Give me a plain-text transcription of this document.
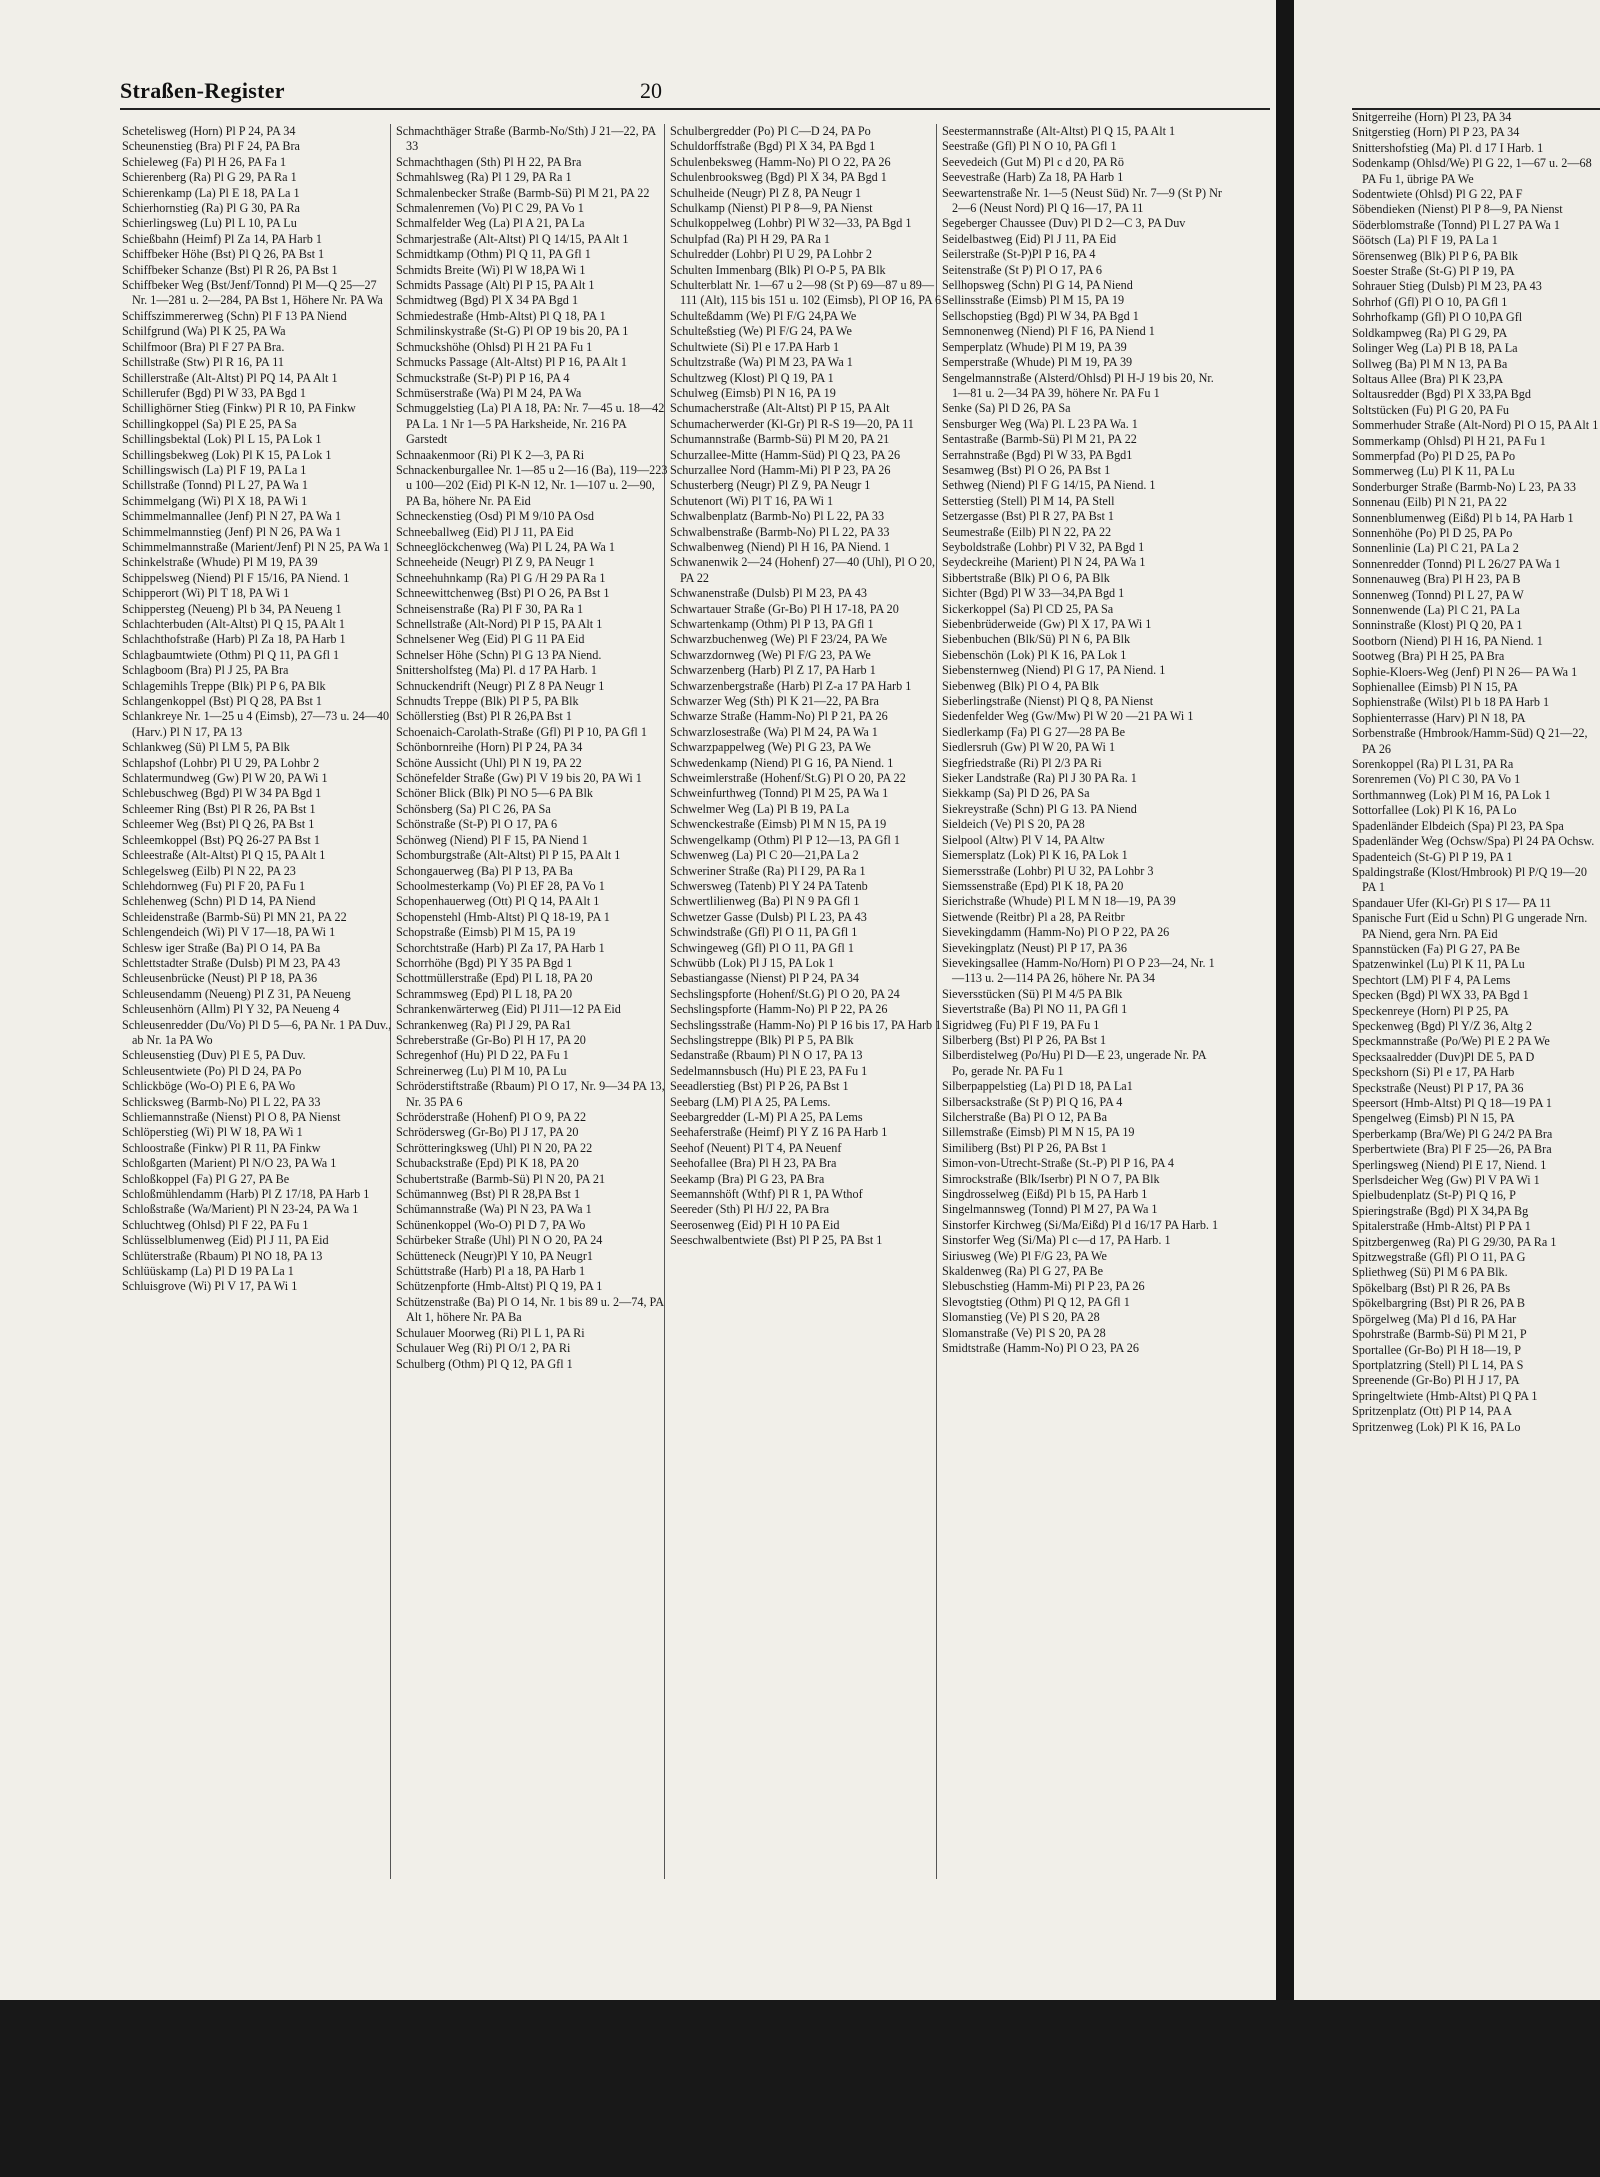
Straßen-Register	20
Schetelisweg (Horn) Pl P 24, PA 34
Scheunenstieg (Bra) Pl F 24, PA Bra
Schieleweg (Fa) Pl H 26, PA Fa 1
Schierenberg (Ra) Pl G 29, PA Ra 1
Schierenkamp (La) Pl E 18, PA La 1
Schierhornstieg (Ra) Pl G 30, PA Ra
Schierlingsweg (Lu) Pl L 10, PA Lu
Schießbahn (Heimf) Pl Za 14, PA Harb 1
Schiffbeker Höhe (Bst) Pl Q 26, PA Bst 1
Schiffbeker Schanze (Bst) Pl R 26, PA Bst 1
Schiffbeker Weg (Bst/Jenf/Tonnd) Pl M—Q 25—27 Nr. 1—281 u. 2—284, PA Bst 1, Höhere Nr. PA Wa
Schiffszimmererweg (Schn) Pl F 13 PA Niend
Schilfgrund (Wa) Pl K 25, PA Wa
Schilfmoor (Bra) Pl F 27 PA Bra.
Schillstraße (Stw) Pl R 16, PA 11
Schillerstraße (Alt-Altst) Pl PQ 14, PA Alt 1
Schillerufer (Bgd) Pl W 33, PA Bgd 1
Schillighörner Stieg (Finkw) Pl R 10, PA Finkw
Schillingkoppel (Sa) Pl E 25, PA Sa
Schillingsbektal (Lok) Pl L 15, PA Lok 1
Schillingsbekweg (Lok) Pl K 15, PA Lok 1
Schillingswisch (La) Pl F 19, PA La 1
Schillstraße (Tonnd) Pl L 27, PA Wa 1
Schimmelgang (Wi) Pl X 18, PA Wi 1
Schimmelmannallee (Jenf) Pl N 27, PA Wa 1
Schimmelmannstieg (Jenf) Pl N 26, PA Wa 1
Schimmelmannstraße (Marient/Jenf) Pl N 25, PA Wa 1
Schinkelstraße (Whude) Pl M 19, PA 39
Schippelsweg (Niend) Pl F 15/16, PA Niend. 1
Schipperort (Wi) Pl T 18, PA Wi 1
Schippersteg (Neueng) Pl b 34, PA Neueng 1
Schlachterbuden (Alt-Altst) Pl Q 15, PA Alt 1
Schlachthofstraße (Harb) Pl Za 18, PA Harb 1
Schlagbaumtwiete (Othm) Pl Q 11, PA Gfl 1
Schlagboom (Bra) Pl J 25, PA Bra
Schlagemihls Treppe (Blk) Pl P 6, PA Blk
Schlangenkoppel (Bst) Pl Q 28, PA Bst 1
Schlankreye Nr. 1—25 u 4 (Eimsb), 27—73 u. 24—40 (Harv.) Pl N 17, PA 13
Schlankweg (Sü) Pl LM 5, PA Blk
Schlapshof (Lohbr) Pl U 29, PA Lohbr 2
Schlatermundweg (Gw) Pl W 20, PA Wi 1
Schlebuschweg (Bgd) Pl W 34 PA Bgd 1
Schleemer Ring (Bst) Pl R 26, PA Bst 1
Schleemer Weg (Bst) Pl Q 26, PA Bst 1
Schleemkoppel (Bst) PQ 26-27 PA Bst 1
Schleestraße (Alt-Altst) Pl Q 15, PA Alt 1
Schlegelsweg (Eilb) Pl N 22, PA 23
Schlehdornweg (Fu) Pl F 20, PA Fu 1
Schlehenweg (Schn) Pl D 14, PA Niend
Schleidenstraße (Barmb-Sü) Pl MN 21, PA 22
Schlengendeich (Wi) Pl V 17—18, PA Wi 1
Schlesw iger Straße (Ba) Pl O 14, PA Ba
Schlettstadter Straße (Dulsb) Pl M 23, PA 43
Schleusenbrücke (Neust) Pl P 18, PA 36
Schleusendamm (Neueng) Pl Z 31, PA Neueng
Schleusenhörn (Allm) Pl Y 32, PA Neueng 4
Schleusenredder (Du/Vo) Pl D 5—6, PA Nr. 1 PA Duv., ab Nr. 1a PA Wo
Schleusenstieg (Duv) Pl E 5, PA Duv.
Schleusentwiete (Po) Pl D 24, PA Po
Schlickböge (Wo-O) Pl E 6, PA Wo
Schlicksweg (Barmb-No) Pl L 22, PA 33
Schliemannstraße (Nienst) Pl O 8, PA Nienst
Schlöperstieg (Wi) Pl W 18, PA Wi 1
Schloostraße (Finkw) Pl R 11, PA Finkw
Schloßgarten (Marient) Pl N/O 23, PA Wa 1
Schloßkoppel (Fa) Pl G 27, PA Be
Schloßmühlendamm (Harb) Pl Z 17/18, PA Harb 1
Schloßstraße (Wa/Marient) Pl N 23-24, PA Wa 1
Schluchtweg (Ohlsd) Pl F 22, PA Fu 1
Schlüsselblumenweg (Eid) Pl J 11, PA Eid
Schlüterstraße (Rbaum) Pl NO 18, PA 13
Schlüüskamp (La) Pl D 19 PA La 1
Schluisgrove (Wi) Pl V 17, PA Wi 1
Schmachthäger Straße (Barmb-No/Sth) J 21—22, PA 33
Schmachthagen (Sth) Pl H 22, PA Bra
Schmahlsweg (Ra) Pl 1 29, PA Ra 1
Schmalenbecker Straße (Barmb-Sü) Pl M 21, PA 22
Schmalenremen (Vo) Pl C 29, PA Vo 1
Schmalfelder Weg (La) Pl A 21, PA La
Schmarjestraße (Alt-Altst) Pl Q 14/15, PA Alt 1
Schmidtkamp (Othm) Pl Q 11, PA Gfl 1
Schmidts Breite (Wi) Pl W 18,PA Wi 1
Schmidts Passage (Alt) Pl P 15, PA Alt 1
Schmidtweg (Bgd) Pl X 34 PA Bgd 1
Schmiedestraße (Hmb-Altst) Pl Q 18, PA 1
Schmilinskystraße (St-G) Pl OP 19 bis 20, PA 1
Schmuckshöhe (Ohlsd) Pl H 21 PA Fu 1
Schmucks Passage (Alt-Altst) Pl P 16, PA Alt 1
Schmuckstraße (St-P) Pl P 16, PA 4
Schmüserstraße (Wa) Pl M 24, PA Wa
Schmuggelstieg (La) Pl A 18, PA: Nr. 7—45 u. 18—42 PA La. 1 Nr 1—5 PA Harksheide, Nr. 216 PA Garstedt
Schnaakenmoor (Ri) Pl K 2—3, PA Ri
Schnackenburgallee Nr. 1—85 u 2—16 (Ba), 119—223 u 100—202 (Eid) Pl K-N 12, Nr. 1—107 u. 2—90, PA Ba, höhere Nr. PA Eid
Schneckenstieg (Osd) Pl M 9/10 PA Osd
Schneeballweg (Eid) Pl J 11, PA Eid
Schneeglöckchenweg (Wa) Pl L 24, PA Wa 1
Schneeheide (Neugr) Pl Z 9, PA Neugr 1
Schneehuhnkamp (Ra) Pl G /H 29 PA Ra 1
Schneewittchenweg (Bst) Pl O 26, PA Bst 1
Schneisenstraße (Ra) Pl F 30, PA Ra 1
Schnellstraße (Alt-Nord) Pl P 15, PA Alt 1
Schnelsener Weg (Eid) Pl G 11 PA Eid
Schnelser Höhe (Schn) Pl G 13 PA Niend.
Snittersholfsteg (Ma) Pl. d 17 PA Harb. 1
Schnuckendrift (Neugr) Pl Z 8 PA Neugr 1
Schnudts Treppe (Blk) Pl P 5, PA Blk
Schöllerstieg (Bst) Pl R 26,PA Bst 1
Schoenaich-Carolath-Straße (Gfl) Pl P 10, PA Gfl 1
Schönbornreihe (Horn) Pl P 24, PA 34
Schöne Aussicht (Uhl) Pl N 19, PA 22
Schönefelder Straße (Gw) Pl V 19 bis 20, PA Wi 1
Schöner Blick (Blk) Pl NO 5—6 PA Blk
Schönsberg (Sa) Pl C 26, PA Sa
Schönstraße (St-P) Pl O 17, PA 6
Schönweg (Niend) Pl F 15, PA Niend 1
Schomburgstraße (Alt-Altst) Pl P 15, PA Alt 1
Schongauerweg (Ba) Pl P 13, PA Ba
Schoolmesterkamp (Vo) Pl EF 28, PA Vo 1
Schopenhauerweg (Ott) Pl Q 14, PA Alt 1
Schopenstehl (Hmb-Altst) Pl Q 18-19, PA 1
Schopstraße (Eimsb) Pl M 15, PA 19
Schorchtstraße (Harb) Pl Za 17, PA Harb 1
Schorrhöhe (Bgd) Pl Y 35 PA Bgd 1
Schottmüllerstraße (Epd) Pl L 18, PA 20
Schrammsweg (Epd) Pl L 18, PA 20
Schrankenwärterweg (Eid) Pl J11—12 PA Eid
Schrankenweg (Ra) Pl J 29, PA Ra1
Schreberstraße (Gr-Bo) Pl H 17, PA 20
Schregenhof (Hu) Pl D 22, PA Fu 1
Schreinerweg (Lu) Pl M 10, PA Lu
Schröderstiftstraße (Rbaum) Pl O 17, Nr. 9—34 PA 13, Nr. 35 PA 6
Schröderstraße (Hohenf) Pl O 9, PA 22
Schrödersweg (Gr-Bo) Pl J 17, PA 20
Schrötteringksweg (Uhl) Pl N 20, PA 22
Schubackstraße (Epd) Pl K 18, PA 20
Schubertstraße (Barmb-Sü) Pl N 20, PA 21
Schümannweg (Bst) Pl R 28,PA Bst 1
Schümannstraße (Wa) Pl N 23, PA Wa 1
Schünenkoppel (Wo-O) Pl D 7, PA Wo
Schürbeker Straße (Uhl) Pl N O 20, PA 24
Schütteneck (Neugr)Pl Y 10, PA Neugr1
Schüttstraße (Harb) Pl a 18, PA Harb 1
Schützenpforte (Hmb-Altst) Pl Q 19, PA 1
Schützenstraße (Ba) Pl O 14, Nr. 1 bis 89 u. 2—74, PA Alt 1, höhere Nr. PA Ba
Schulauer Moorweg (Ri) Pl L 1, PA Ri
Schulauer Weg (Ri) Pl O/1 2, PA Ri
Schulberg (Othm) Pl Q 12, PA Gfl 1
Schulbergredder (Po) Pl C—D 24, PA Po
Schuldorffstraße (Bgd) Pl X 34, PA Bgd 1
Schulenbeksweg (Hamm-No) Pl O 22, PA 26
Schulenbrooksweg (Bgd) Pl X 34, PA Bgd 1
Schulheide (Neugr) Pl Z 8, PA Neugr 1
Schulkamp (Nienst) Pl P 8—9, PA Nienst
Schulkoppelweg (Lohbr) Pl W 32—33, PA Bgd 1
Schulpfad (Ra) Pl H 29, PA Ra 1
Schulredder (Lohbr) Pl U 29, PA Lohbr 2
Schulten Immenbarg (Blk) Pl O-P 5, PA Blk
Schulterblatt Nr. 1—67 u 2—98 (St P) 69—87 u 89—111 (Alt), 115 bis 151 u. 102 (Eimsb), Pl OP 16, PA 6
Schulteßdamm (We) Pl F/G 24,PA We
Schulteßstieg (We) Pl F/G 24, PA We
Schultwiete (Si) Pl e 17.PA Harb 1
Schultzstraße (Wa) Pl M 23, PA Wa 1
Schultzweg (Klost) Pl Q 19, PA 1
Schulweg (Eimsb) Pl N 16, PA 19
Schumacherstraße (Alt-Altst) Pl P 15, PA Alt
Schumacherwerder (Kl-Gr) Pl R-S 19—20, PA 11
Schumannstraße (Barmb-Sü) Pl M 20, PA 21
Schurzallee-Mitte (Hamm-Süd) Pl Q 23, PA 26
Schurzallee Nord (Hamm-Mi) Pl P 23, PA 26
Schusterberg (Neugr) Pl Z 9, PA Neugr 1
Schutenort (Wi) Pl T 16, PA Wi 1
Schwalbenplatz (Barmb-No) Pl L 22, PA 33
Schwalbenstraße (Barmb-No) Pl L 22, PA 33
Schwalbenweg (Niend) Pl H 16, PA Niend. 1
Schwanenwik 2—24 (Hohenf) 27—40 (Uhl), Pl O 20, PA 22
Schwanenstraße (Dulsb) Pl M 23, PA 43
Schwartauer Straße (Gr-Bo) Pl H 17-18, PA 20
Schwartenkamp (Othm) Pl P 13, PA Gfl 1
Schwarzbuchenweg (We) Pl F 23/24, PA We
Schwarzdornweg (We) Pl F/G 23, PA We
Schwarzenberg (Harb) Pl Z 17, PA Harb 1
Schwarzenbergstraße (Harb) Pl Z-a 17 PA Harb 1
Schwarzer Weg (Sth) Pl K 21—22, PA Bra
Schwarze Straße (Hamm-No) Pl P 21, PA 26
Schwarzlosestraße (Wa) Pl M 24, PA Wa 1
Schwarzpappelweg (We) Pl G 23, PA We
Schwedenkamp (Niend) Pl G 16, PA Niend. 1
Schweimlerstraße (Hohenf/St.G) Pl O 20, PA 22
Schweinfurthweg (Tonnd) Pl M 25, PA Wa 1
Schwelmer Weg (La) Pl B 19, PA La
Schwenckestraße (Eimsb) Pl M N 15, PA 19
Schwengelkamp (Othm) Pl P 12—13, PA Gfl 1
Schwenweg (La) Pl C 20—21,PA La 2
Schweriner Straße (Ra) Pl I 29, PA Ra 1
Schwersweg (Tatenb) Pl Y 24 PA Tatenb
Schwertlilienweg (Ba) Pl N 9 PA Gfl 1
Schwetzer Gasse (Dulsb) Pl L 23, PA 43
Schwindstraße (Gfl) Pl O 11, PA Gfl 1
Schwingeweg (Gfl) Pl O 11, PA Gfl 1
Schwübb (Lok) Pl J 15, PA Lok 1
Sebastiangasse (Nienst) Pl P 24, PA 34
Sechslingspforte (Hohenf/St.G) Pl O 20, PA 24
Sechslingspforte (Hamm-No) Pl P 22, PA 26
Sechslingsstraße (Hamm-No) Pl P 16 bis 17, PA Harb 1
Sechslingstreppe (Blk) Pl P 5, PA Blk
Sedanstraße (Rbaum) Pl N O 17, PA 13
Sedelmannsbusch (Hu) Pl E 23, PA Fu 1
Seeadlerstieg (Bst) Pl P 26, PA Bst 1
Seebarg (LM) Pl A 25, PA Lems.
Seebargredder (L-M) Pl A 25, PA Lems
Seehaferstraße (Heimf) Pl Y Z 16 PA Harb 1
Seehof (Neuent) Pl T 4, PA Neuenf
Seehofallee (Bra) Pl H 23, PA Bra
Seekamp (Bra) Pl G 23, PA Bra
Seemannshöft (Wthf) Pl R 1, PA Wthof
Seereder (Sth) Pl H/J 22, PA Bra
Seerosenweg (Eid) Pl H 10 PA Eid
Seeschwalbentwiete (Bst) Pl P 25, PA Bst 1
Seestermannstraße (Alt-Altst) Pl Q 15, PA Alt 1
Seestraße (Gfl) Pl N O 10, PA Gfl 1
Seevedeich (Gut M) Pl c d 20, PA Rö
Seevestraße (Harb) Za 18, PA Harb 1
Seewartenstraße Nr. 1—5 (Neust Süd) Nr. 7—9 (St P) Nr 2—6 (Neust Nord) Pl Q 16—17, PA 11
Segeberger Chaussee (Duv) Pl D 2—C 3, PA Duv
Seidelbastweg (Eid) Pl J 11, PA Eid
Seilerstraße (St-P)Pl P 16, PA 4
Seitenstraße (St P) Pl O 17, PA 6
Sellhopsweg (Schn) Pl G 14, PA Niend
Sellinsstraße (Eimsb) Pl M 15, PA 19
Sellschopstieg (Bgd) Pl W 34, PA Bgd 1
Semnonenweg (Niend) Pl F 16, PA Niend 1
Semperplatz (Whude) Pl M 19, PA 39
Semperstraße (Whude) Pl M 19, PA 39
Sengelmannstraße (Alsterd/Ohlsd) Pl H-J 19 bis 20, Nr. 1—81 u. 2—34 PA 39, höhere Nr. PA Fu 1
Senke (Sa) Pl D 26, PA Sa
Sensburger Weg (Wa) Pl. L 23 PA Wa. 1
Sentastraße (Barmb-Sü) Pl M 21, PA 22
Serrahnstraße (Bgd) Pl W 33, PA Bgd1
Sesamweg (Bst) Pl O 26, PA Bst 1
Sethweg (Niend) Pl F G 14/15, PA Niend. 1
Setterstieg (Stell) Pl M 14, PA Stell
Setzergasse (Bst) Pl R 27, PA Bst 1
Seumestraße (Eilb) Pl N 22, PA 22
Seyboldstraße (Lohbr) Pl V 32, PA Bgd 1
Seydeckreihe (Marient) Pl N 24, PA Wa 1
Sibbertstraße (Blk) Pl O 6, PA Blk
Sichter (Bgd) Pl W 33—34,PA Bgd 1
Sickerkoppel (Sa) Pl CD 25, PA Sa
Siebenbrüderweide (Gw) Pl X 17, PA Wi 1
Siebenbuchen (Blk/Sü) Pl N 6, PA Blk
Siebenschön (Lok) Pl K 16, PA Lok 1
Siebensternweg (Niend) Pl G 17, PA Niend. 1
Siebenweg (Blk) Pl O 4, PA Blk
Sieberlingstraße (Nienst) Pl Q 8, PA Nienst
Siedenfelder Weg (Gw/Mw) Pl W 20 —21 PA Wi 1
Siedlerkamp (Fa) Pl G 27—28 PA Be
Siedlersruh (Gw) Pl W 20, PA Wi 1
Siegfriedstraße (Ri) Pl 2/3 PA Ri
Sieker Landstraße (Ra) Pl J 30 PA Ra. 1
Siekkamp (Sa) Pl D 26, PA Sa
Siekreystraße (Schn) Pl G 13. PA Niend
Sieldeich (Ve) Pl S 20, PA 28
Sielpool (Altw) Pl V 14, PA Altw
Siemersplatz (Lok) Pl K 16, PA Lok 1
Siemersstraße (Lohbr) Pl U 32, PA Lohbr 3
Siemssenstraße (Epd) Pl K 18, PA 20
Sierichstraße (Whude) Pl L M N 18—19, PA 39
Sietwende (Reitbr) Pl a 28, PA Reitbr
Sievekingdamm (Hamm-No) Pl O P 22, PA 26
Sievekingplatz (Neust) Pl P 17, PA 36
Sievekingsallee (Hamm-No/Horn) Pl O P 23—24, Nr. 1—113 u. 2—114 PA 26, höhere Nr. PA 34
Sieversstücken (Sü) Pl M 4/5 PA Blk
Sievertstraße (Ba) Pl NO 11, PA Gfl 1
Sigridweg (Fu) Pl F 19, PA Fu 1
Silberberg (Bst) Pl P 26, PA Bst 1
Silberdistelweg (Po/Hu) Pl D—E 23, ungerade Nr. PA Po, gerade Nr. PA Fu 1
Silberpappelstieg (La) Pl D 18, PA La1
Silbersackstraße (St P) Pl Q 16, PA 4
Silcherstraße (Ba) Pl O 12, PA Ba
Sillemstraße (Eimsb) Pl M N 15, PA 19
Similiberg (Bst) Pl P 26, PA Bst 1
Simon-von-Utrecht-Straße (St.-P) Pl P 16, PA 4
Simrockstraße (Blk/Iserbr) Pl N O 7, PA Blk
Singdrosselweg (Eißd) Pl b 15, PA Harb 1
Singelmannsweg (Tonnd) Pl M 27, PA Wa 1
Sinstorfer Kirchweg (Si/Ma/Eißd) Pl d 16/17 PA Harb. 1
Sinstorfer Weg (Si/Ma) Pl c—d 17, PA Harb. 1
Siriusweg (We) Pl F/G 23, PA We
Skaldenweg (Ra) Pl G 27, PA Be
Slebuschstieg (Hamm-Mi) Pl P 23, PA 26
Slevogtstieg (Othm) Pl Q 12, PA Gfl 1
Slomanstieg (Ve) Pl S 20, PA 28
Slomanstraße (Ve) Pl S 20, PA 28
Smidtstraße (Hamm-No) Pl O 23, PA 26
Snitgerreihe (Horn) Pl 23, PA 34
Snitgerstieg (Horn) Pl P 23, PA 34
Snittershofstieg (Ma) Pl. d 17 I Harb. 1
Sodenkamp (Ohlsd/We) Pl G 22, 1—67 u. 2—68 PA Fu 1, übrige PA We
Sodentwiete (Ohlsd) Pl G 22, PA F
Söbendieken (Nienst) Pl P 8—9, PA Nienst
Söderblomstraße (Tonnd) Pl L 27 PA Wa 1
Söötsch (La) Pl F 19, PA La 1
Sörensenweg (Blk) Pl P 6, PA Blk
Soester Straße (St-G) Pl P 19, PA
Sohrauer Stieg (Dulsb) Pl M 23, PA 43
Sohrhof (Gfl) Pl O 10, PA Gfl 1
Sohrhofkamp (Gfl) Pl O 10,PA Gfl
Soldkampweg (Ra) Pl G 29, PA
Solinger Weg (La) Pl B 18, PA La
Sollweg (Ba) Pl M N 13, PA Ba
Soltaus Allee (Bra) Pl K 23,PA
Soltausredder (Bgd) Pl X 33,PA Bgd
Soltstücken (Fu) Pl G 20, PA Fu
Sommerhuder Straße (Alt-Nord) Pl O 15, PA Alt 1
Sommerkamp (Ohlsd) Pl H 21, PA Fu 1
Sommerpfad (Po) Pl D 25, PA Po
Sommerweg (Lu) Pl K 11, PA Lu
Sonderburger Straße (Barmb-No) L 23, PA 33
Sonnenau (Eilb) Pl N 21, PA 22
Sonnenblumenweg (Eißd) Pl b 14, PA Harb 1
Sonnenhöhe (Po) Pl D 25, PA Po
Sonnenlinie (La) Pl C 21, PA La 2
Sonnenredder (Tonnd) Pl L 26/27 PA Wa 1
Sonnenauweg (Bra) Pl H 23, PA B
Sonnenweg (Tonnd) Pl L 27, PA W
Sonnenwende (La) Pl C 21, PA La
Sonninstraße (Klost) Pl Q 20, PA 1
Sootborn (Niend) Pl H 16, PA Niend. 1
Sootweg (Bra) Pl H 25, PA Bra
Sophie-Kloers-Weg (Jenf) Pl N 26— PA Wa 1
Sophienallee (Eimsb) Pl N 15, PA
Sophienstraße (Wilst) Pl b 18 PA Harb 1
Sophienterrasse (Harv) Pl N 18, PA
Sorbenstraße (Hmbrook/Hamm-Süd) Q 21—22, PA 26
Sorenkoppel (Ra) Pl L 31, PA Ra
Sorenremen (Vo) Pl C 30, PA Vo 1
Sorthmannweg (Lok) Pl M 16, PA Lok 1
Sottorfallee (Lok) Pl K 16, PA Lo
Spadenländer Elbdeich (Spa) Pl 23, PA Spa
Spadenländer Weg (Ochsw/Spa) Pl 24 PA Ochsw.
Spadenteich (St-G) Pl P 19, PA 1
Spaldingstraße (Klost/Hmbrook) Pl P/Q 19—20 PA 1
Spandauer Ufer (Kl-Gr) Pl S 17— PA 11
Spanische Furt (Eid u Schn) Pl G ungerade Nrn. PA Niend, gera Nrn. PA Eid
Spannstücken (Fa) Pl G 27, PA Be
Spatzenwinkel (Lu) Pl K 11, PA Lu
Spechtort (LM) Pl F 4, PA Lems
Specken (Bgd) Pl WX 33, PA Bgd 1
Speckenreye (Horn) Pl P 25, PA
Speckenweg (Bgd) Pl Y/Z 36, Altg 2
Speckmannstraße (Po/We) Pl E 2 PA We
Specksaalredder (Duv)Pl DE 5, PA D
Speckshorn (Si) Pl e 17, PA Harb
Speckstraße (Neust) Pl P 17, PA 36
Speersort (Hmb-Altst) Pl Q 18—19 PA 1
Spengelweg (Eimsb) Pl N 15, PA
Sperberkamp (Bra/We) Pl G 24/2 PA Bra
Sperbertwiete (Bra) Pl F 25—26, PA Bra
Sperlingsweg (Niend) Pl E 17, Niend. 1
Sperlsdeicher Weg (Gw) Pl V PA Wi 1
Spielbudenplatz (St-P) Pl Q 16, P
Spieringstraße (Bgd) Pl X 34,PA Bg
Spitalerstraße (Hmb-Altst) Pl P PA 1
Spitzbergenweg (Ra) Pl G 29/30, PA Ra 1
Spitzwegstraße (Gfl) Pl O 11, PA G
Spliethweg (Sü) Pl M 6 PA Blk.
Spökelbarg (Bst) Pl R 26, PA Bs
Spökelbargring (Bst) Pl R 26, PA B
Spörgelweg (Ma) Pl d 16, PA Har
Spohrstraße (Barmb-Sü) Pl M 21, P
Sportallee (Gr-Bo) Pl H 18—19, P
Sportplatzring (Stell) Pl L 14, PA S
Spreenende (Gr-Bo) Pl H J 17, PA
Springeltwiete (Hmb-Altst) Pl Q PA 1
Spritzenplatz (Ott) Pl P 14, PA A
Spritzenweg (Lok) Pl K 16, PA Lo
